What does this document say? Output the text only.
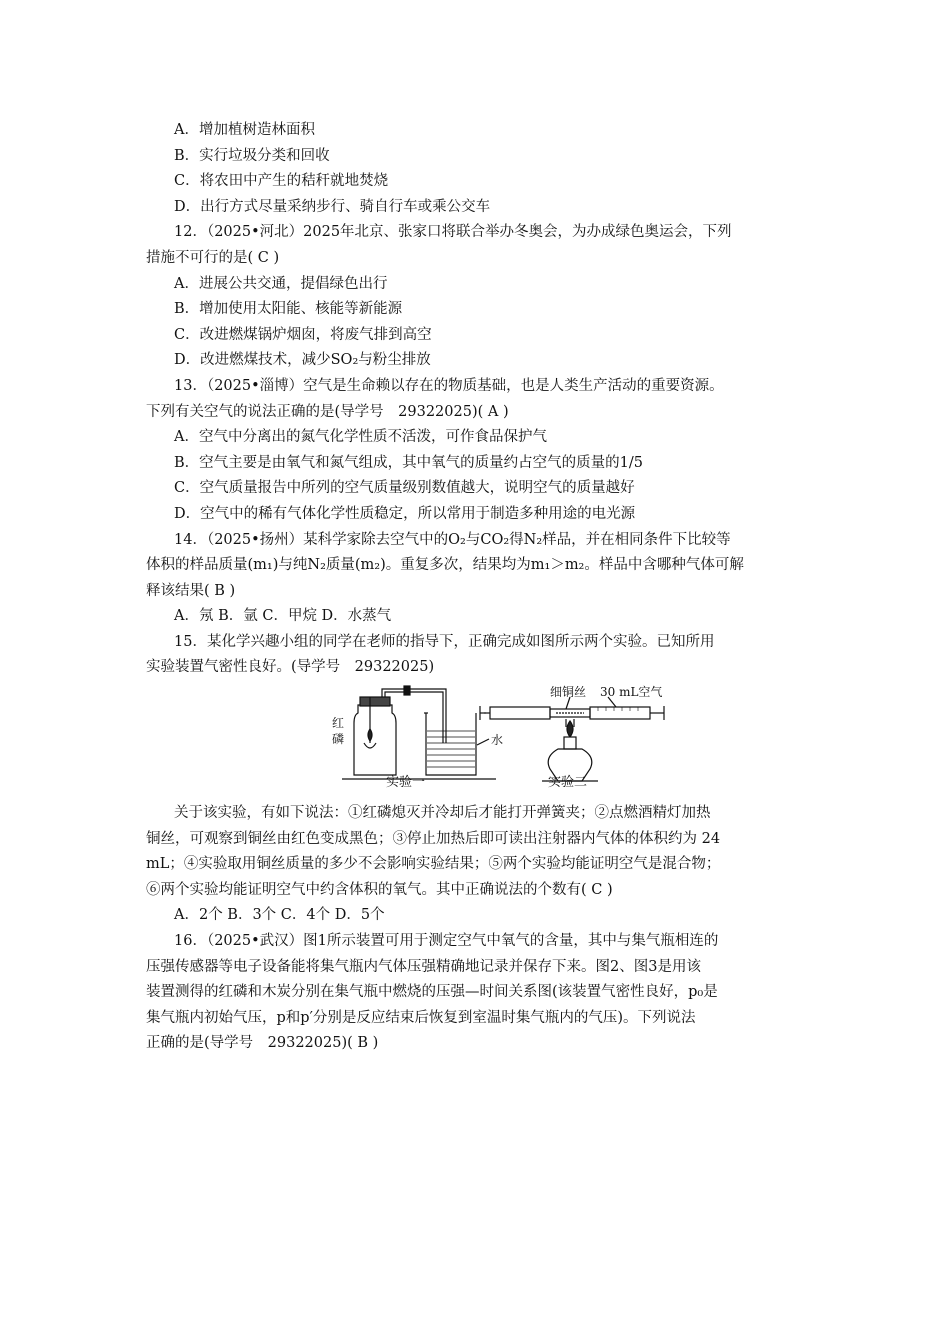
A．增加植树造林面积
B．实行垃圾分类和回收
C．将农田中产生的秸秆就地焚烧
D．出行方式尽量采纳步行、骑自行车或乘公交车
12．（2025•河北）2025年北京、张家口将联合举办冬奥会，为办成绿色奥运会，下列
措施不可行的是( C )
A．进展公共交通，提倡绿色出行
B．增加使用太阳能、核能等新能源
C．改进燃煤锅炉烟囱，将废气排到高空
D．改进燃煤技术，减少SO₂与粉尘排放
13．（2025•淄博）空气是生命赖以存在的物质基础，也是人类生产活动的重要资源。
下列有关空气的说法正确的是(导学号　29322025)( A )
A．空气中分离出的氮气化学性质不活泼，可作食品保护气
B．空气主要是由氧气和氮气组成，其中氧气的质量约占空气的质量的1/5
C．空气质量报告中所列的空气质量级别数值越大，说明空气的质量越好
D．空气中的稀有气体化学性质稳定，所以常用于制造多种用途的电光源
14．（2025•扬州）某科学家除去空气中的O₂与CO₂得N₂样品，并在相同条件下比较等
体积的样品质量(m₁)与纯N₂质量(m₂)。重复多次，结果均为m₁＞m₂。样品中含哪种气体可解
释该结果( B )
A．氖 B．氩 C．甲烷 D．水蒸气
15．某化学兴趣小组的同学在老师的指导下，正确完成如图所示两个实验。已知所用
实验装置气密性良好。(导学号　29322025)
红磷	水
细铜丝 30 mL空气
实验一	实验二
关于该实验，有如下说法：①红磷熄灭并冷却后才能打开弹簧夹；②点燃酒精灯加热
铜丝，可观察到铜丝由红色变成黑色；③停止加热后即可读出注射器内气体的体积约为 24
mL；④实验取用铜丝质量的多少不会影响实验结果；⑤两个实验均能证明空气是混合物；
⑥两个实验均能证明空气中约含体积的氧气。其中正确说法的个数有( C )
A．2个 B．3个 C．4个 D．5个
16．（2025•武汉）图1所示装置可用于测定空气中氧气的含量，其中与集气瓶相连的
压强传感器等电子设备能将集气瓶内气体压强精确地记录并保存下来。图2、图3是用该
装置测得的红磷和木炭分别在集气瓶中燃烧的压强—时间关系图(该装置气密性良好，p₀是
集气瓶内初始气压，p和p′分别是反应结束后恢复到室温时集气瓶内的气压)。下列说法
正确的是(导学号　29322025)( B )
